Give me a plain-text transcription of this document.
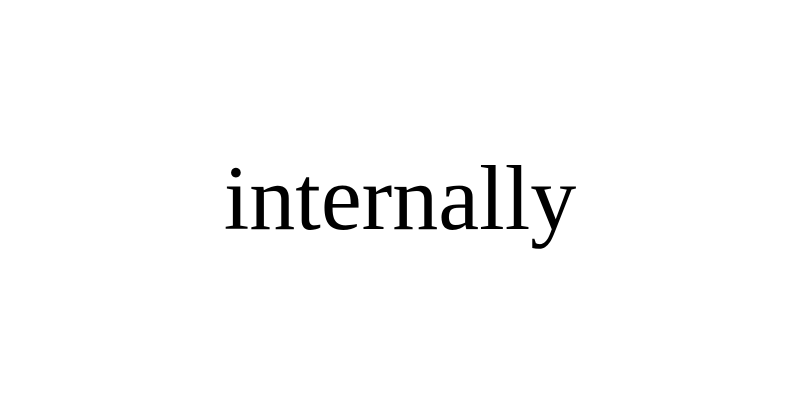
internally
